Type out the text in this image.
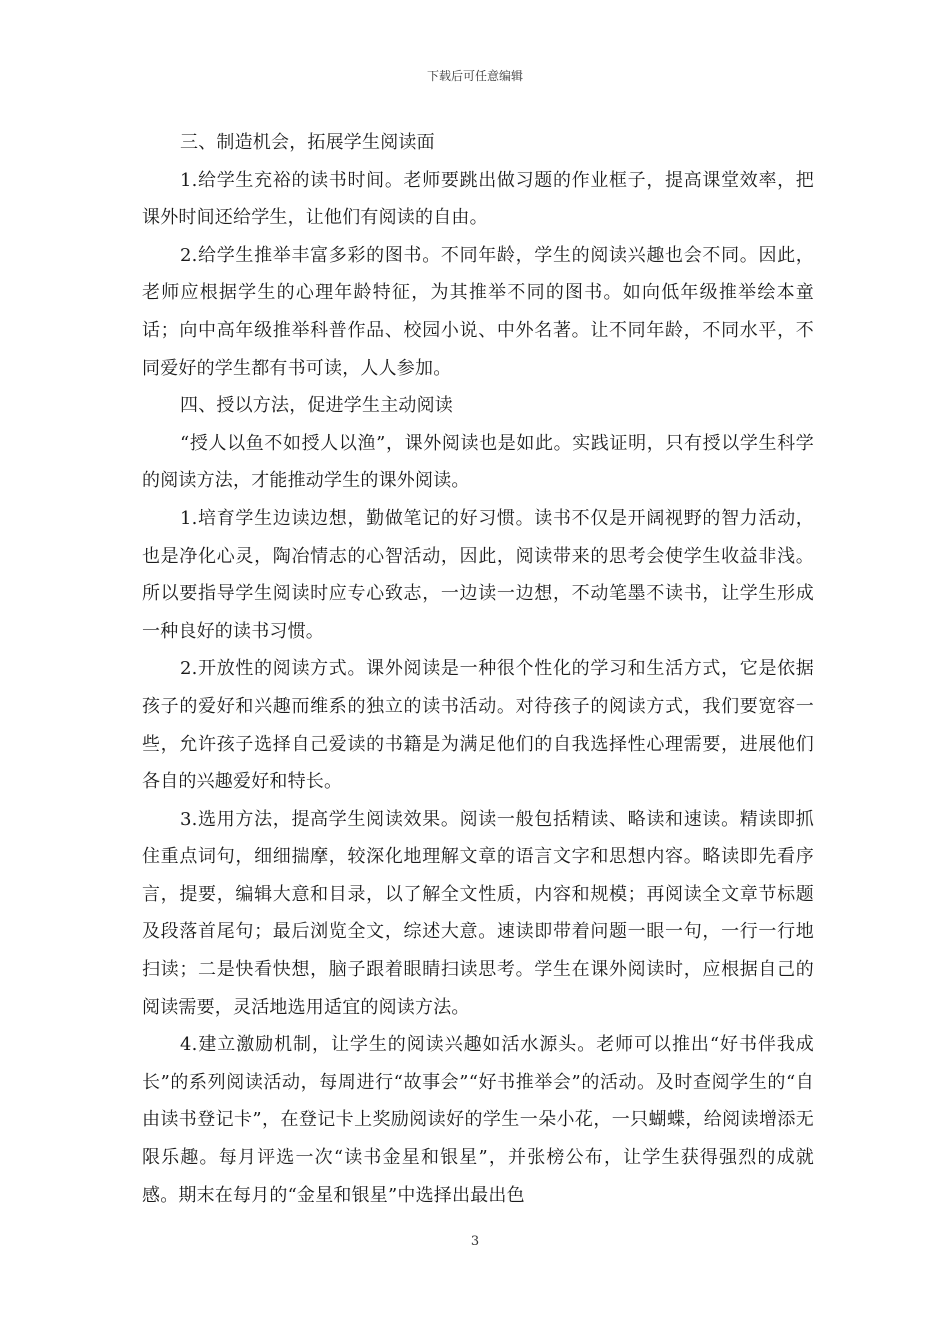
下载后可任意编辑

三、制造机会，拓展学生阅读面

1.给学生充裕的读书时间。老师要跳出做习题的作业框子，提高课堂效率，把课外时间还给学生，让他们有阅读的自由。

2.给学生推举丰富多彩的图书。不同年龄，学生的阅读兴趣也会不同。因此，老师应根据学生的心理年龄特征，为其推举不同的图书。如向低年级推举绘本童话；向中高年级推举科普作品、校园小说、中外名著。让不同年龄，不同水平，不同爱好的学生都有书可读，人人参加。

四、授以方法，促进学生主动阅读

“授人以鱼不如授人以渔”，课外阅读也是如此。实践证明，只有授以学生科学的阅读方法，才能推动学生的课外阅读。

1.培育学生边读边想，勤做笔记的好习惯。读书不仅是开阔视野的智力活动，也是净化心灵，陶冶情志的心智活动，因此，阅读带来的思考会使学生收益非浅。所以要指导学生阅读时应专心致志，一边读一边想，不动笔墨不读书，让学生形成一种良好的读书习惯。

2.开放性的阅读方式。课外阅读是一种很个性化的学习和生活方式，它是依据孩子的爱好和兴趣而维系的独立的读书活动。对待孩子的阅读方式，我们要宽容一些，允许孩子选择自己爱读的书籍是为满足他们的自我选择性心理需要，进展他们各自的兴趣爱好和特长。

3.选用方法，提高学生阅读效果。阅读一般包括精读、略读和速读。精读即抓住重点词句，细细揣摩，较深化地理解文章的语言文字和思想内容。略读即先看序言，提要，编辑大意和目录，以了解全文性质，内容和规模；再阅读全文章节标题及段落首尾句；最后浏览全文，综述大意。速读即带着问题一眼一句，一行一行地扫读；二是快看快想，脑子跟着眼睛扫读思考。学生在课外阅读时，应根据自己的阅读需要，灵活地选用适宜的阅读方法。

4.建立激励机制，让学生的阅读兴趣如活水源头。老师可以推出“好书伴我成长”的系列阅读活动，每周进行“故事会”“好书推举会”的活动。及时查阅学生的“自由读书登记卡”，在登记卡上奖励阅读好的学生一朵小花，一只蝴蝶，给阅读增添无限乐趣。每月评选一次“读书金星和银星”，并张榜公布，让学生获得强烈的成就感。期末在每月的“金星和银星”中选择出最出色

3
